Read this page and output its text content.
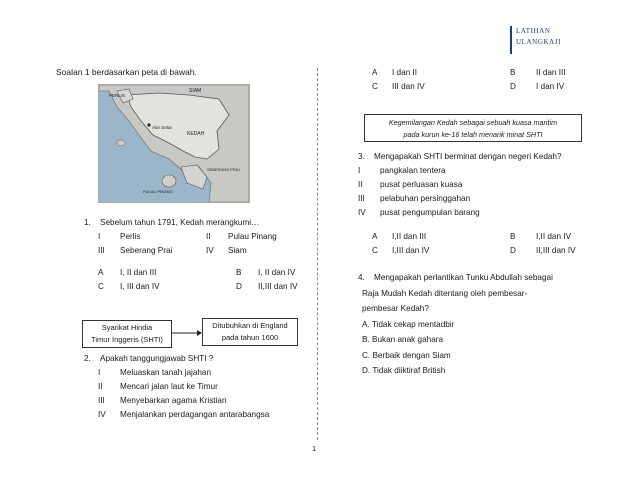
LATIHAN
ULANGKAJI
Soalan 1 berdasarkan peta di bawah.
SIAM
PERLIS
KEDAH
Alor Setar
PULAU PINANG
SEBERANG PRAI
1.	Sebelum tahun 1791, Kedah merangkumi…
I	Perlis	II	Pulau Pinang
III	Seberang Prai	IV	Siam
A	I, II dan III	B	I, II dan IV
C	I, III dan IV	D	II,III dan IV
Syarikat Hindia
Timur Inggeris (SHTI)
Ditubuhkan di England
pada tahun 1600
2.	Apakah tanggungjawab SHTI ?
I	Meluaskan tanah jajahan
II	Mencari jalan laut ke Timur
III	Menyebarkan agama Kristian
IV	Menjalankan perdagangan antarabangsa
A	I dan II	B	II dan III
C	III dan IV	D	I dan IV
Kegemilangan Kedah sebagai sebuah kuasa maritim
pada kurun ke-16 telah menarik minat SHTI
3.	Mengapakah SHTI berminat dengan negeri Kedah?
I	pangkalan tentera
II	pusat perluasan kuasa
III	pelabuhan persinggahan
IV	pusat pengumpulan barang
A	I,II dan III	B	I,II dan IV
C	I,III dan IV	D	II,III dan IV
4.	Mengapakah perlantikan Tunku Abdullah sebagai
Raja Mudah Kedah ditentang oleh pembesar-
pembesar Kedah?
A. Tidak cekap mentadbir
B. Bukan anak gahara
C. Berbaik dengan Siam
D. Tidak diiktiraf British
1
